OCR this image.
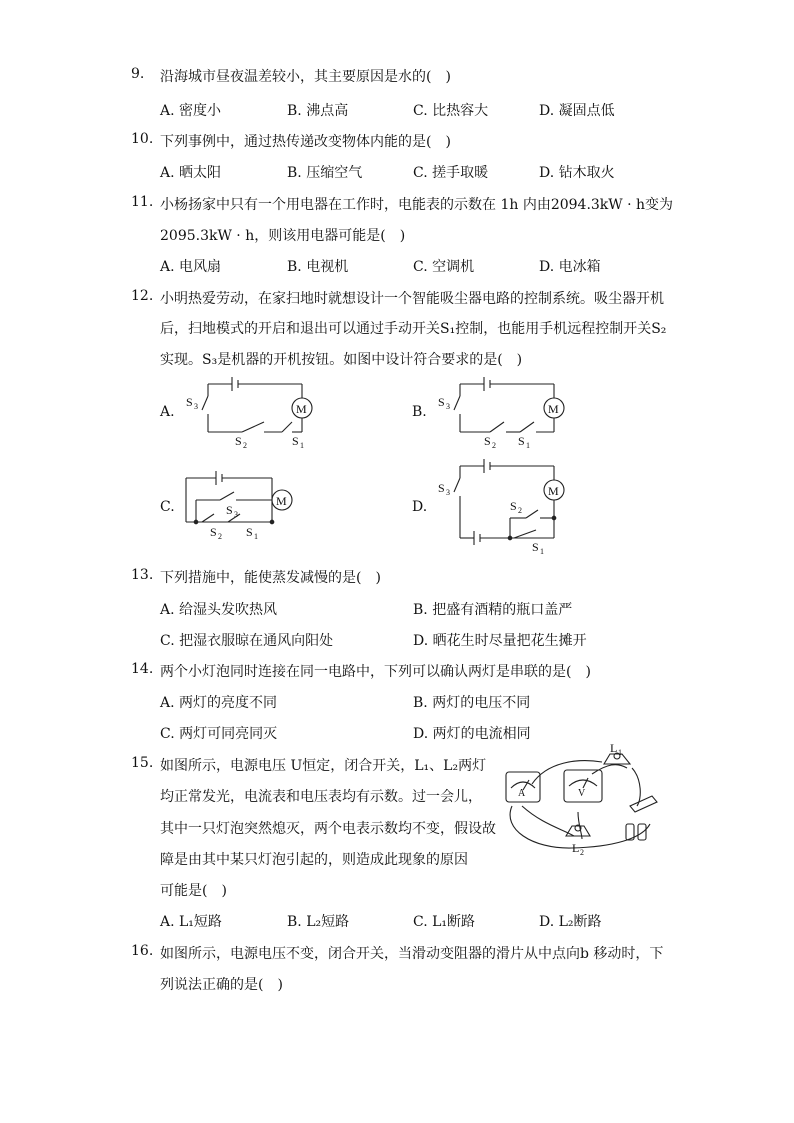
9. 沿海城市昼夜温差较小，其主要原因是水的(　)
A. 密度小	B. 沸点高	C. 比热容大	D. 凝固点低
10. 下列事例中，通过热传递改变物体内能的是(　)
A. 晒太阳	B. 压缩空气	C. 搓手取暖	D. 钻木取火
11. 小杨扬家中只有一个用电器在工作时，电能表的示数在 1h 内由2094.3kW · h变为
2095.3kW · h，则该用电器可能是(　)
A. 电风扇	B. 电视机	C. 空调机	D. 电冰箱
12. 小明热爱劳动，在家扫地时就想设计一个智能吸尘器电路的控制系统。吸尘器开机
后，扫地模式的开启和退出可以通过手动开关S₁控制，也能用手机远程控制开关S₂
实现。S₃是机器的开机按钮。如图中设计符合要求的是(　)
A.	B.
C.	D.
M
S 3
S 2	S 1
M
S 3
S 2 S 1
M
S 3
S 2 S 1
M
S 3
S 2
S 1
13. 下列措施中，能使蒸发减慢的是(　)
A. 给湿头发吹热风	B. 把盛有酒精的瓶口盖严
C. 把湿衣服晾在通风向阳处	D. 晒花生时尽量把花生摊开
14. 两个小灯泡同时连接在同一电路中，下列可以确认两灯是串联的是(　)
A. 两灯的亮度不同	B. 两灯的电压不同
C. 两灯可同亮同灭	D. 两灯的电流相同
15. 如图所示，电源电压 U恒定，闭合开关，L₁、L₂两灯
均正常发光，电流表和电压表均有示数。过一会儿，
其中一只灯泡突然熄灭，两个电表示数均不变，假设故
障是由其中某只灯泡引起的，则造成此现象的原因
可能是(　)
A. L₁短路	B. L₂短路	C. L₁断路	D. L₂断路
A	V
L 1
L 2
16. 如图所示，电源电压不变，闭合开关，当滑动变阻器的滑片从中点向b 移动时，下
列说法正确的是(　)
